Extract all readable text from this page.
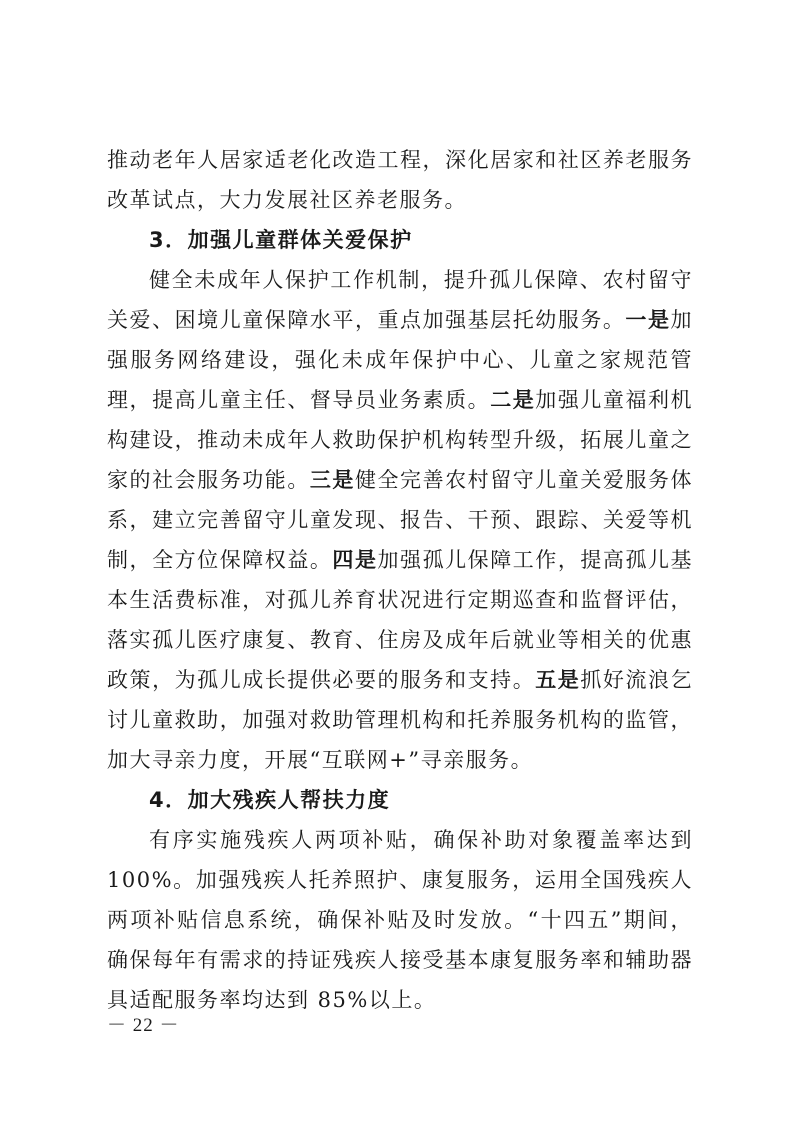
推动老年人居家适老化改造工程，深化居家和社区养老服务改革试点，大力发展社区养老服务。

3．加强儿童群体关爱保护

健全未成年人保护工作机制，提升孤儿保障、农村留守关爱、困境儿童保障水平，重点加强基层托幼服务。一是加强服务网络建设，强化未成年保护中心、儿童之家规范管理，提高儿童主任、督导员业务素质。二是加强儿童福利机构建设，推动未成年人救助保护机构转型升级，拓展儿童之家的社会服务功能。三是健全完善农村留守儿童关爱服务体系，建立完善留守儿童发现、报告、干预、跟踪、关爱等机制，全方位保障权益。四是加强孤儿保障工作，提高孤儿基本生活费标准，对孤儿养育状况进行定期巡查和监督评估，落实孤儿医疗康复、教育、住房及成年后就业等相关的优惠政策，为孤儿成长提供必要的服务和支持。五是抓好流浪乞讨儿童救助，加强对救助管理机构和托养服务机构的监管，加大寻亲力度，开展“互联网+”寻亲服务。

4．加大残疾人帮扶力度

有序实施残疾人两项补贴，确保补助对象覆盖率达到100%。加强残疾人托养照护、康复服务，运用全国残疾人两项补贴信息系统，确保补贴及时发放。“十四五”期间，确保每年有需求的持证残疾人接受基本康复服务率和辅助器具适配服务率均达到 85%以上。

－ 22 －
